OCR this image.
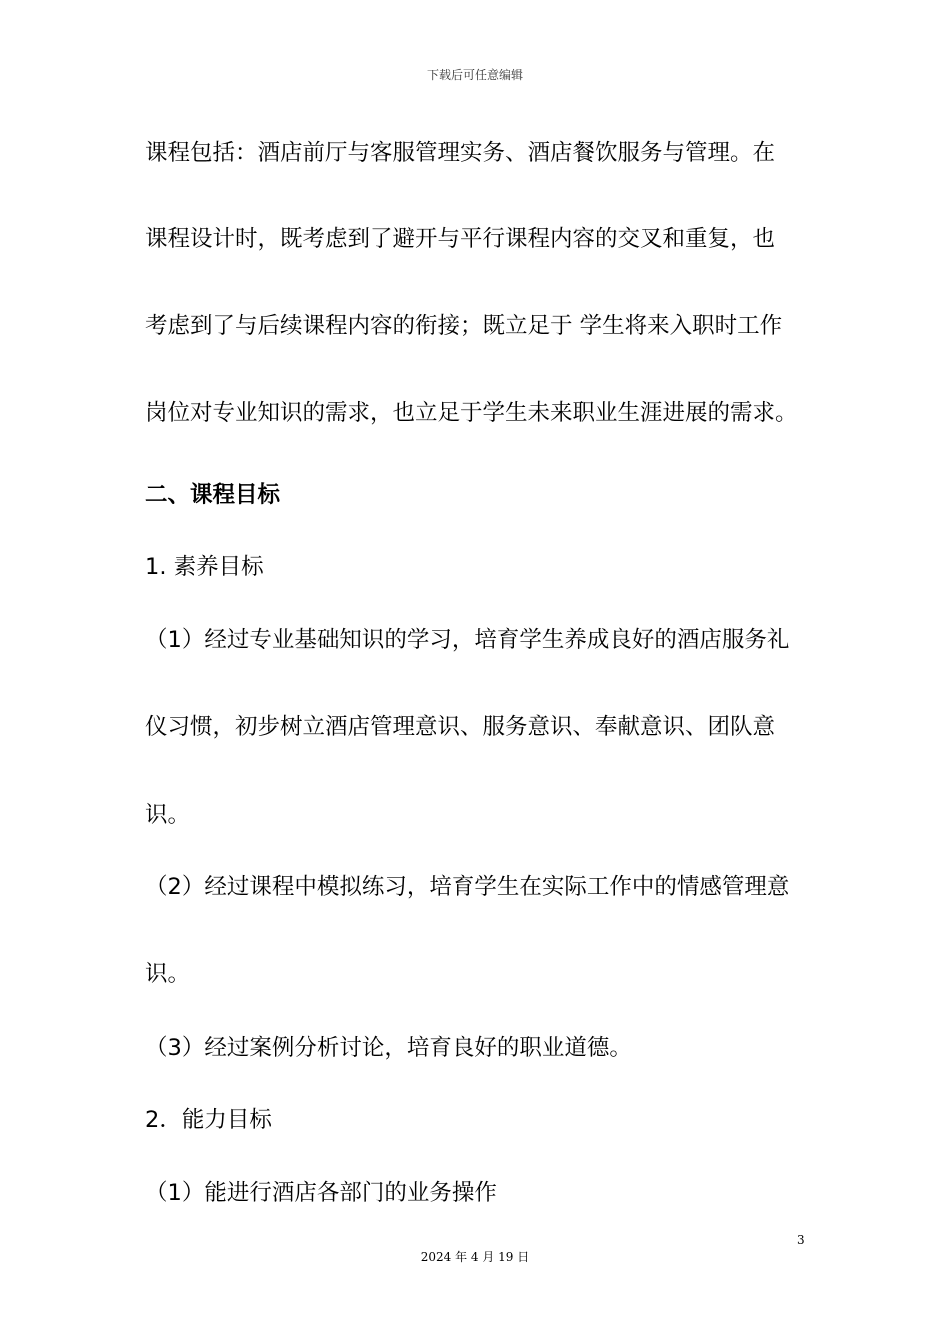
下载后可任意编辑
课程包括：酒店前厅与客服管理实务、酒店餐饮服务与管理。在
课程设计时，既考虑到了避开与平行课程内容的交叉和重复，也
考虑到了与后续课程内容的衔接；既立足于 学生将来入职时工作
岗位对专业知识的需求，也立足于学生未来职业生涯进展的需求。
二、课程目标
1. 素养目标
（1）经过专业基础知识的学习，培育学生养成良好的酒店服务礼
仪习惯，初步树立酒店管理意识、服务意识、奉献意识、团队意
识。
（2）经过课程中模拟练习，培育学生在实际工作中的情感管理意
识。
（3）经过案例分析讨论，培育良好的职业道德。
2．能力目标
（1）能进行酒店各部门的业务操作
3
2024 年 4 月 19 日
